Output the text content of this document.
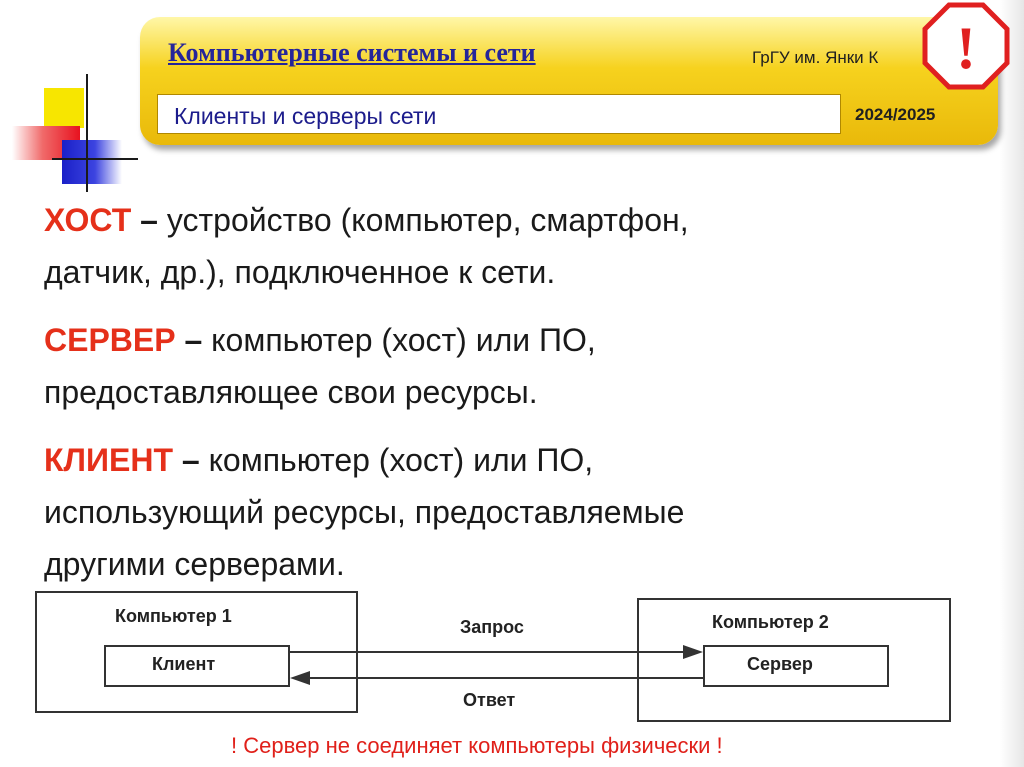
Компьютерные системы и сети	ГрГУ им. Янки К
Клиенты и серверы сети	2024/2025
!
ХОСТ – устройство (компьютер, смартфон,
датчик, др.), подключенное к сети.
СЕРВЕР – компьютер (хост) или ПО,
предоставляющее свои ресурсы.
КЛИЕНТ – компьютер (хост) или ПО,
использующий ресурсы, предоставляемые
другими серверами.
Компьютер 1	Компьютер 2
Клиент	Сервер
Запрос
Ответ
! Сервер не соединяет компьютеры физически !
